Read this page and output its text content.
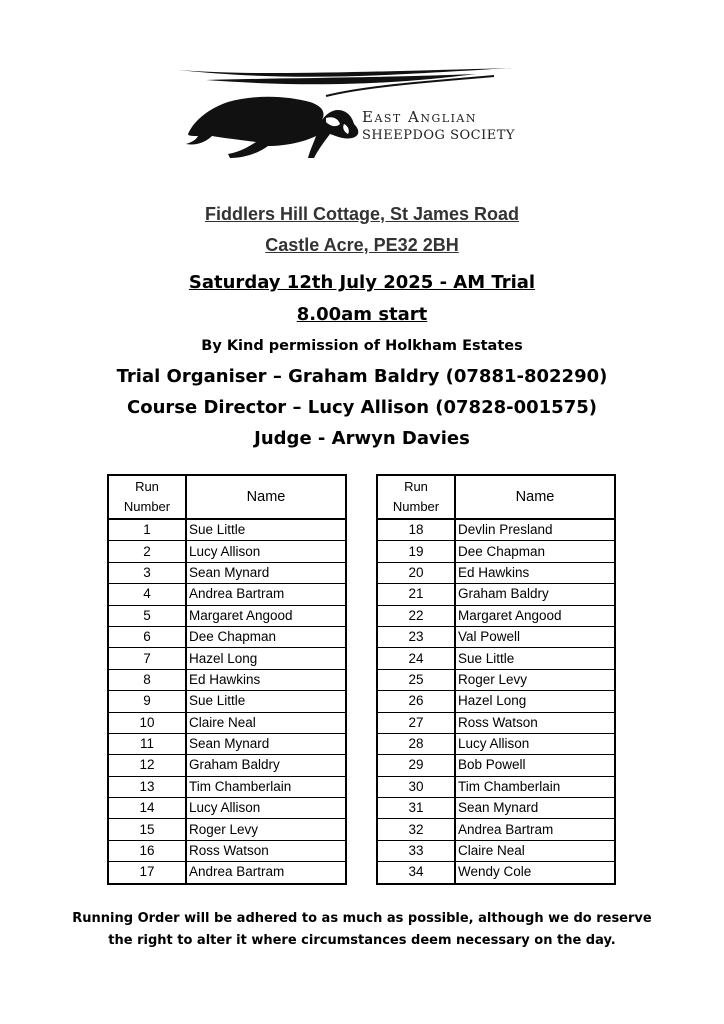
East Anglian
SHEEPDOG SOCIETY
Fiddlers Hill Cottage, St James Road
Castle Acre, PE32 2BH
Saturday 12th July 2025 - AM Trial
8.00am start
By Kind permission of Holkham Estates
Trial Organiser – Graham Baldry (07881-802290)
Course Director – Lucy Allison (07828-001575)
Judge - Arwyn Davies
Run
Number	Name
1	Sue Little
2	Lucy Allison
3	Sean Mynard
4	Andrea Bartram
5	Margaret Angood
6	Dee Chapman
7	Hazel Long
8	Ed Hawkins
9	Sue Little
10	Claire Neal
11	Sean Mynard
12	Graham Baldry
13	Tim Chamberlain
14	Lucy Allison
15	Roger Levy
16	Ross Watson
17	Andrea Bartram
Run
Number	Name
18	Devlin Presland
19	Dee Chapman
20	Ed Hawkins
21	Graham Baldry
22	Margaret Angood
23	Val Powell
24	Sue Little
25	Roger Levy
26	Hazel Long
27	Ross Watson
28	Lucy Allison
29	Bob Powell
30	Tim Chamberlain
31	Sean Mynard
32	Andrea Bartram
33	Claire Neal
34	Wendy Cole
Running Order will be adhered to as much as possible, although we do reserve
the right to alter it where circumstances deem necessary on the day.
